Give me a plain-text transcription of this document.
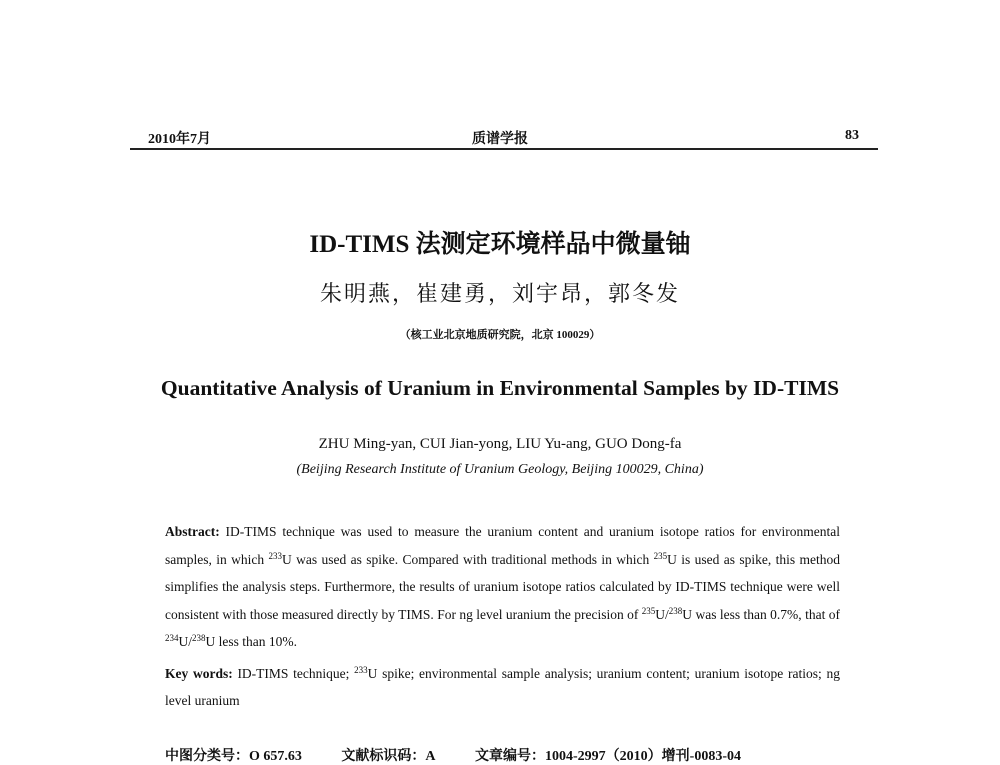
2010年7月	质谱学报	83
ID-TIMS 法测定环境样品中微量铀
朱明燕，崔建勇，刘宇昂，郭冬发
（核工业北京地质研究院，北京 100029）
Quantitative Analysis of Uranium in Environmental Samples by ID-TIMS
ZHU Ming-yan, CUI Jian-yong, LIU Yu-ang, GUO Dong-fa
(Beijing Research Institute of Uranium Geology, Beijing 100029, China)
Abstract: ID-TIMS technique was used to measure the uranium content and uranium isotope ratios for environmental samples, in which $^{233}$U was used as spike. Compared with traditional methods in which $^{235}$U is used as spike, this method simplifies the analysis steps. Furthermore, the results of uranium isotope ratios calculated by ID-TIMS technique were well consistent with those measured directly by TIMS. For ng level uranium the precision of $^{235}$U/$^{238}$U was less than 0.7%, that of $^{234}$U/$^{238}$U less than 10%.
Key words: ID-TIMS technique; $^{233}$U spike; environmental sample analysis; uranium content; uranium isotope ratios; ng level uranium
中图分类号：O 657.63	文献标识码：A	文章编号：1004-2997（2010）增刊-0083-04
